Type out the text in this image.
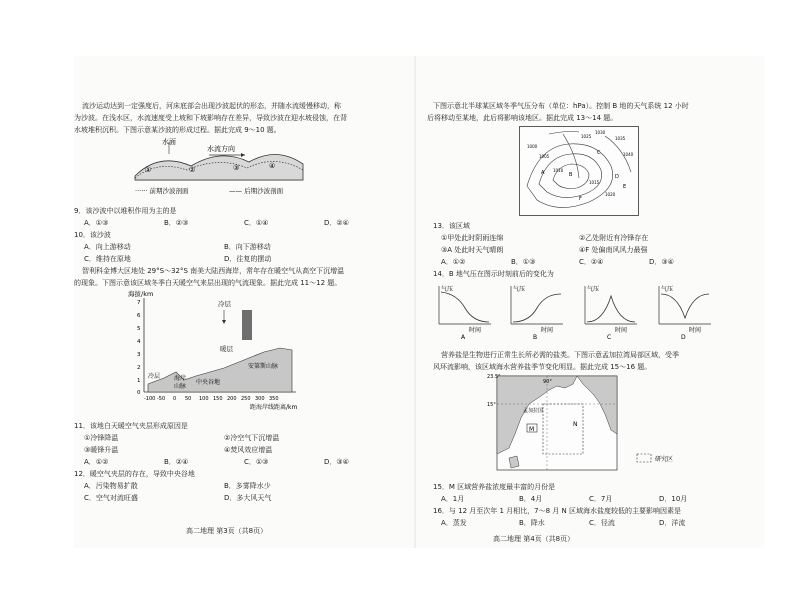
流沙运动达到一定强度后，河床底部会出现沙波起伏的形态，并随水流缓慢移动，称
为沙波。在浅水区，水流速度受上坡和下坡影响存在差异，导致沙波在迎水坡侵蚀，在背
水坡堆积沉积。下图示意某沙波的形成过程。据此完成 9～10 题。
水面
水流方向
①	②	③	④
······ 前期沙波剖面	—— 后期沙波剖面
9．该沙波中以堆积作用为主的是
A．①③	B．②③	C．①④	D．②④
10．该沙波
A．向上游移动	B．向下游移动
C．维持在原地	D．往复的摆动
智利科金博大区地处 29°S～32°S 南美大陆西海岸，常年存在暖空气从高空下沉增温
的现象。下图示意该区域冬季白天暖空气来层出现的气流现象。据此完成 11～12 题。
海拔/km
距海岸线距离/km
0
1
2
3
4
5
6
7
-100 -50 0 50 100 150 200 250 300 350
冷层
暖层
冷层 海岸
山脉
中央谷地
安第斯山脉
11．该地白天暖空气夹层形成原因是
①冷锋降温	②冷空气下沉增温
③暖锋升温	④焚风效应增温
A．①②	B．②④	C．①③	D．③④
12．暖空气夹层的存在，导致中央谷地
A．污染物易扩散	B．多雾降水少
C．空气对流旺盛	D．多大风天气
高二地理 第3页（共8页）
下图示意北半球某区域冬季气压分布（单位：hPa）。控制 B 地的天气系统 12 小时
后将移动至某地，此后将影响该地区。据此完成 13～14 题。
1000
1005
1010
1015
1020
1025
1030
1035
1040
A	B
C
D
E
F
13．该区域
①甲处此时阴雨连绵	②乙处附近有冷锋存在
③A 处此时天气晴朗	④F 处偏南风风力最强
A．①②	B．①③	C．②④	D．③④
14．B 地气压在图示时刻前后的变化为
气压
时间
A
气压
时间
B
气压
时间
C
气压
时间
D
营养盐是生物进行正常生长所必需的盐类。下图示意孟加拉湾局部区域，受季
风环流影响，该区域海水营养盐季节变化明显。据此完成 15～16 题。
M
N
23.5°
15°
90°
孟加拉国
研究区
15．M 区域营养盐浓度最丰富的月份是
A．1月	B．4月	C．7月	D．10月
16．与 12 月至次年 1 月相比，7～8 月 N 区域海水盐度较低的主要影响因素是
A．蒸发	B．降水	C．径流	D．洋流
高二地理 第4页（共8页）
